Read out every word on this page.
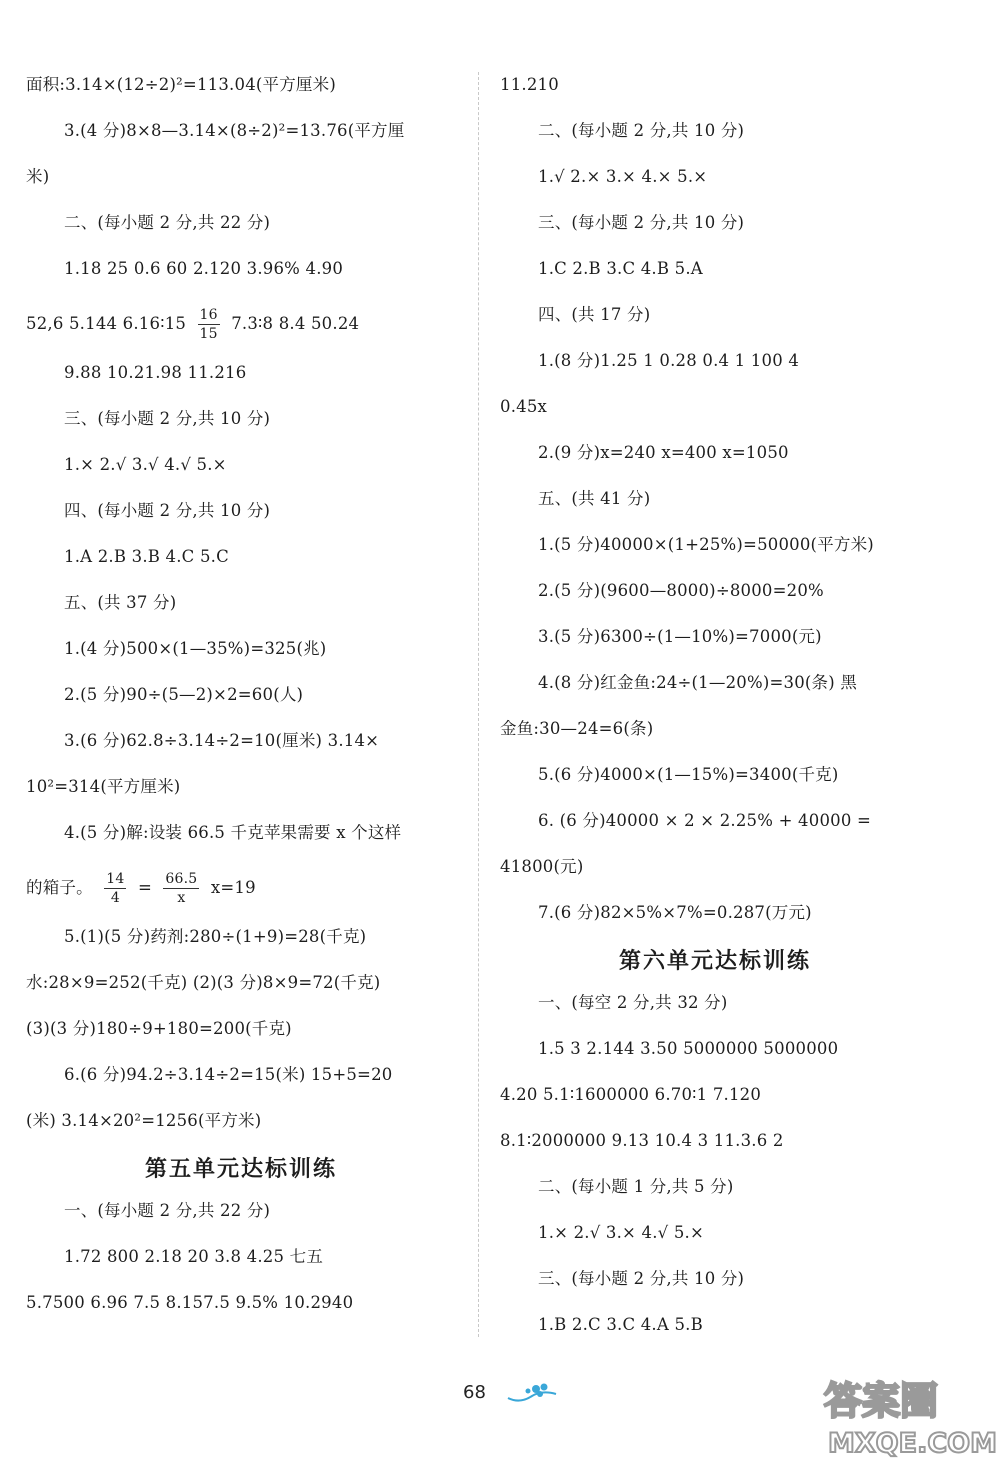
面积:3.14×(12÷2)²=113.04(平方厘米)
3.(4 分)8×8—3.14×(8÷2)²=13.76(平方厘
米)
二、(每小题 2 分,共 22 分)
1.18 25 0.6 60 2.120 3.96% 4.90
52,6 5.144 6.16∶15 $\frac{16}{15}$ 7.3∶8 8.4 50.24
9.88 10.21.98 11.216
三、(每小题 2 分,共 10 分)
1.× 2.√ 3.√ 4.√ 5.×
四、(每小题 2 分,共 10 分)
1.A 2.B 3.B 4.C 5.C
五、(共 37 分)
1.(4 分)500×(1—35%)=325(兆)
2.(5 分)90÷(5—2)×2=60(人)
3.(6 分)62.8÷3.14÷2=10(厘米) 3.14×
10²=314(平方厘米)
4.(5 分)解:设装 66.5 千克苹果需要 x 个这样
的箱子。 $\frac{14}{4} = \frac{66.5}{x} x=19$
5.(1)(5 分)药剂:280÷(1+9)=28(千克)
水:28×9=252(千克) (2)(3 分)8×9=72(千克)
(3)(3 分)180÷9+180=200(千克)
6.(6 分)94.2÷3.14÷2=15(米) 15+5=20
(米) 3.14×20²=1256(平方米)
第五单元达标训练
一、(每小题 2 分,共 22 分)
1.72 800 2.18 20 3.8 4.25 七五
5.7500 6.96 7.5 8.157.5 9.5% 10.2940
11.210
二、(每小题 2 分,共 10 分)
1.√ 2.× 3.× 4.× 5.×
三、(每小题 2 分,共 10 分)
1.C 2.B 3.C 4.B 5.A
四、(共 17 分)
1.(8 分)1.25 1 0.28 0.4 1 100 4
0.45x
2.(9 分)x=240 x=400 x=1050
五、(共 41 分)
1.(5 分)40000×(1+25%)=50000(平方米)
2.(5 分)(9600—8000)÷8000=20%
3.(5 分)6300÷(1—10%)=7000(元)
4.(8 分)红金鱼:24÷(1—20%)=30(条) 黑
金鱼:30—24=6(条)
5.(6 分)4000×(1—15%)=3400(千克)
6. (6 分)40000 × 2 × 2.25% + 40000 =
41800(元)
7.(6 分)82×5%×7%=0.287(万元)
第六单元达标训练
一、(每空 2 分,共 32 分)
1.5 3 2.144 3.50 5000000 5000000
4.20 5.1∶1600000 6.70∶1 7.120
8.1∶2000000 9.13 10.4 3 11.3.6 2
二、(每小题 1 分,共 5 分)
1.× 2.√ 3.× 4.√ 5.×
三、(每小题 2 分,共 10 分)
1.B 2.C 3.C 4.A 5.B
68	答案圈
MXQE.COM
